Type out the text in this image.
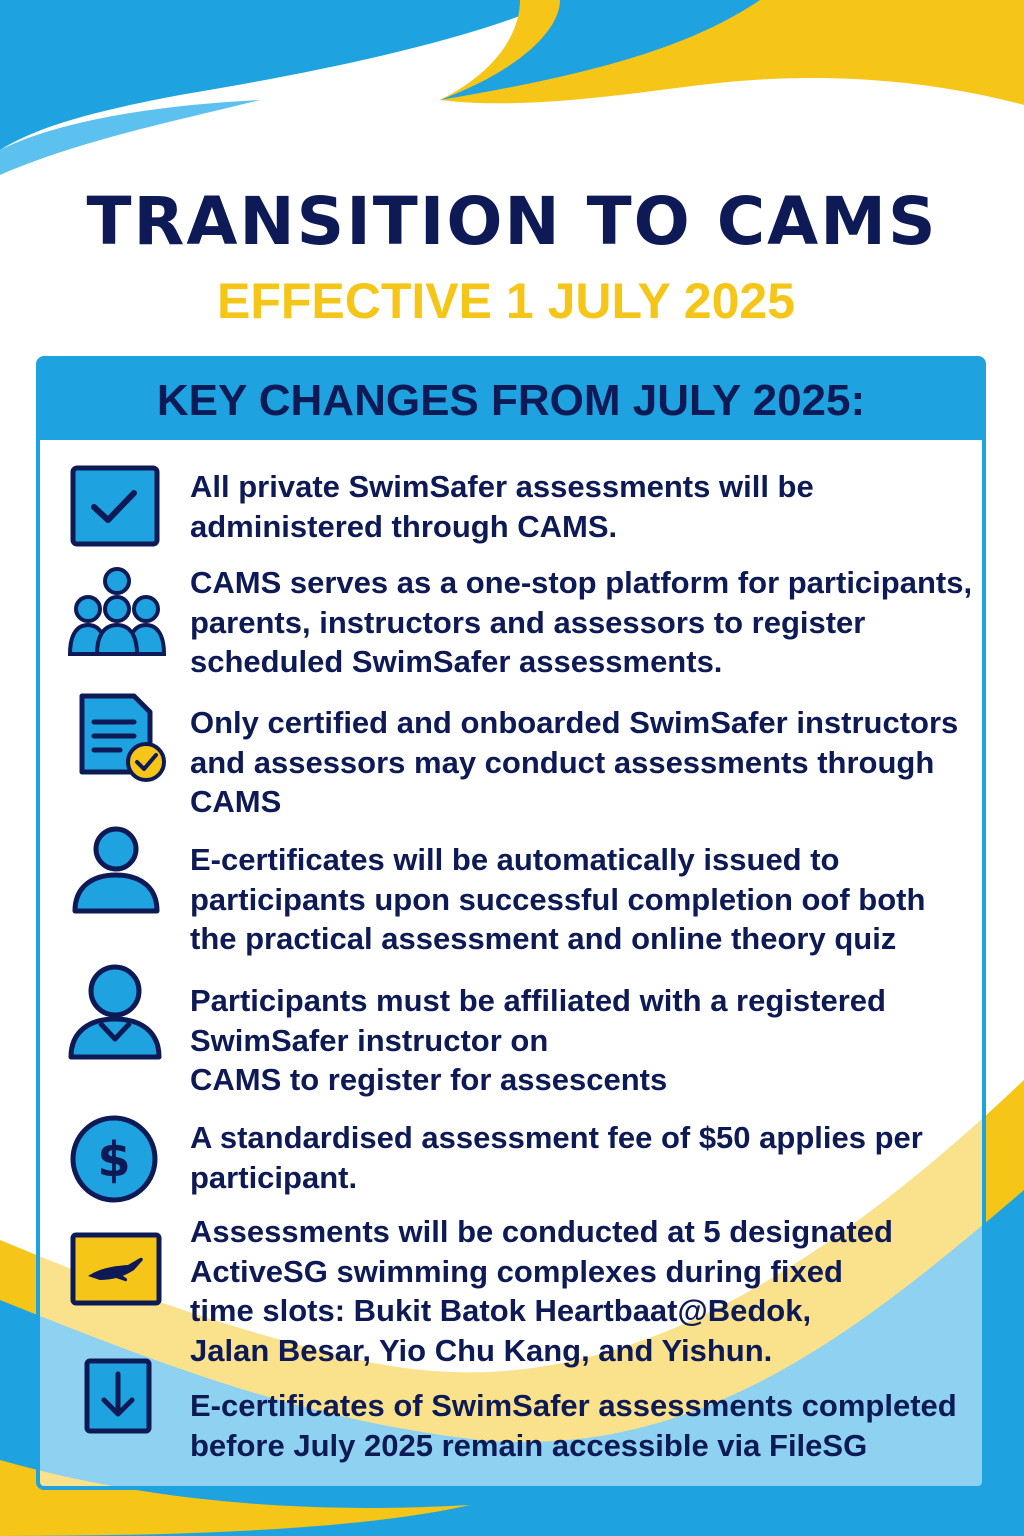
TRANSITION TO CAMS
EFFECTIVE 1 JULY 2025
KEY CHANGES FROM JULY 2025:

All private SwimSafer assessments will be
administered through CAMS.

CAMS serves as a one-stop platform for participants,
parents, instructors and assessors to register
scheduled SwimSafer assessments.

Only certified and onboarded SwimSafer instructors
and assessors may conduct assessments through
CAMS

E-certificates will be automatically issued to
participants upon successful completion oof both
the practical assessment and online theory quiz

Participants must be affiliated with a registered
SwimSafer instructor on
CAMS to register for assescents

$ A standardised assessment fee of $50 applies per
participant.

Assessments will be conducted at 5 designated
ActiveSG swimming complexes during fixed
time slots: Bukit Batok Heartbaat@Bedok,
Jalan Besar, Yio Chu Kang, and Yishun.

E-certificates of SwimSafer assessments completed
before July 2025 remain accessible via FileSG
